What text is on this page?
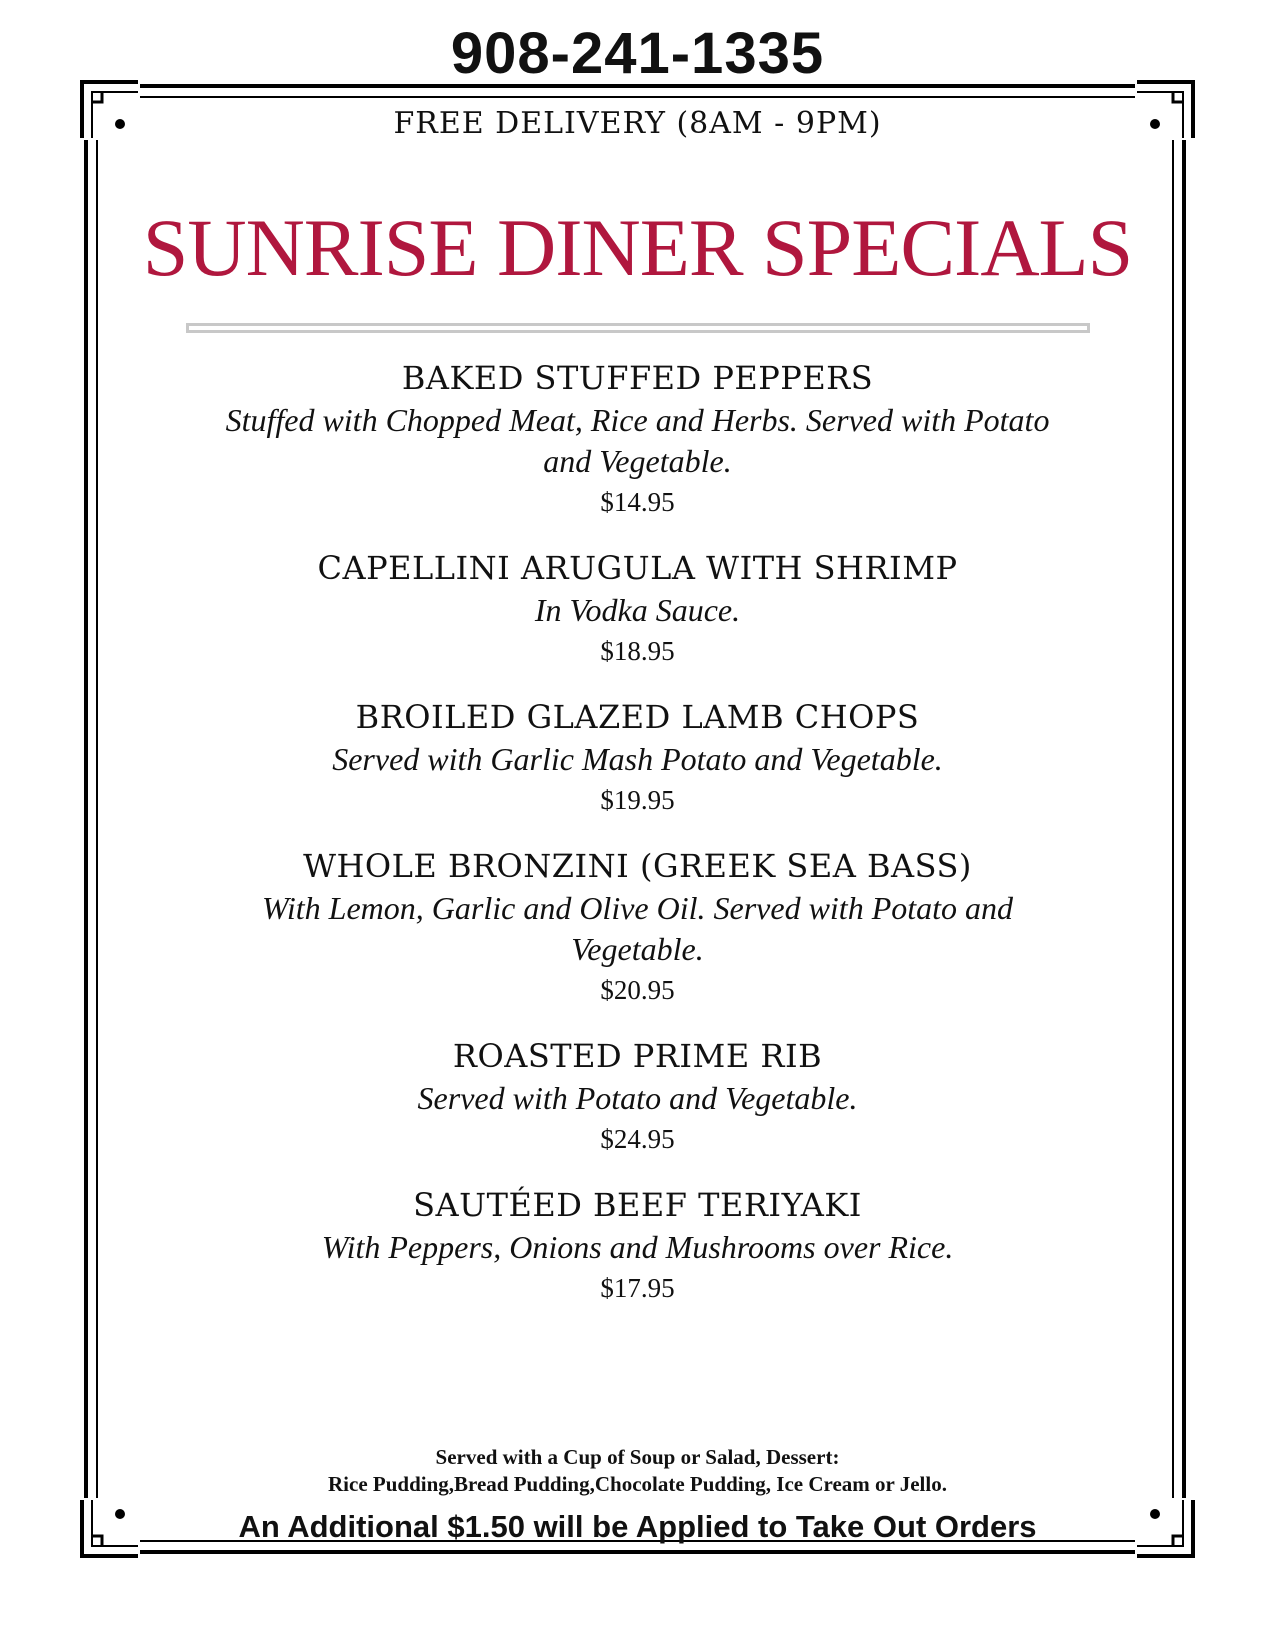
908-241-1335
FREE DELIVERY (8AM - 9PM)
SUNRISE DINER SPECIALS
BAKED STUFFED PEPPERS
Stuffed with Chopped Meat, Rice and Herbs. Served with Potato and Vegetable.
$14.95
CAPELLINI ARUGULA WITH SHRIMP
In Vodka Sauce.
$18.95
BROILED GLAZED LAMB CHOPS
Served with Garlic Mash Potato and Vegetable.
$19.95
WHOLE BRONZINI (GREEK SEA BASS)
With Lemon, Garlic and Olive Oil. Served with Potato and Vegetable.
$20.95
ROASTED PRIME RIB
Served with Potato and Vegetable.
$24.95
SAUTÉED BEEF TERIYAKI
With Peppers, Onions and Mushrooms over Rice.
$17.95
Served with a Cup of Soup or Salad, Dessert:
Rice Pudding,Bread Pudding,Chocolate Pudding, Ice Cream or Jello.
An Additional $1.50 will be Applied to Take Out Orders
